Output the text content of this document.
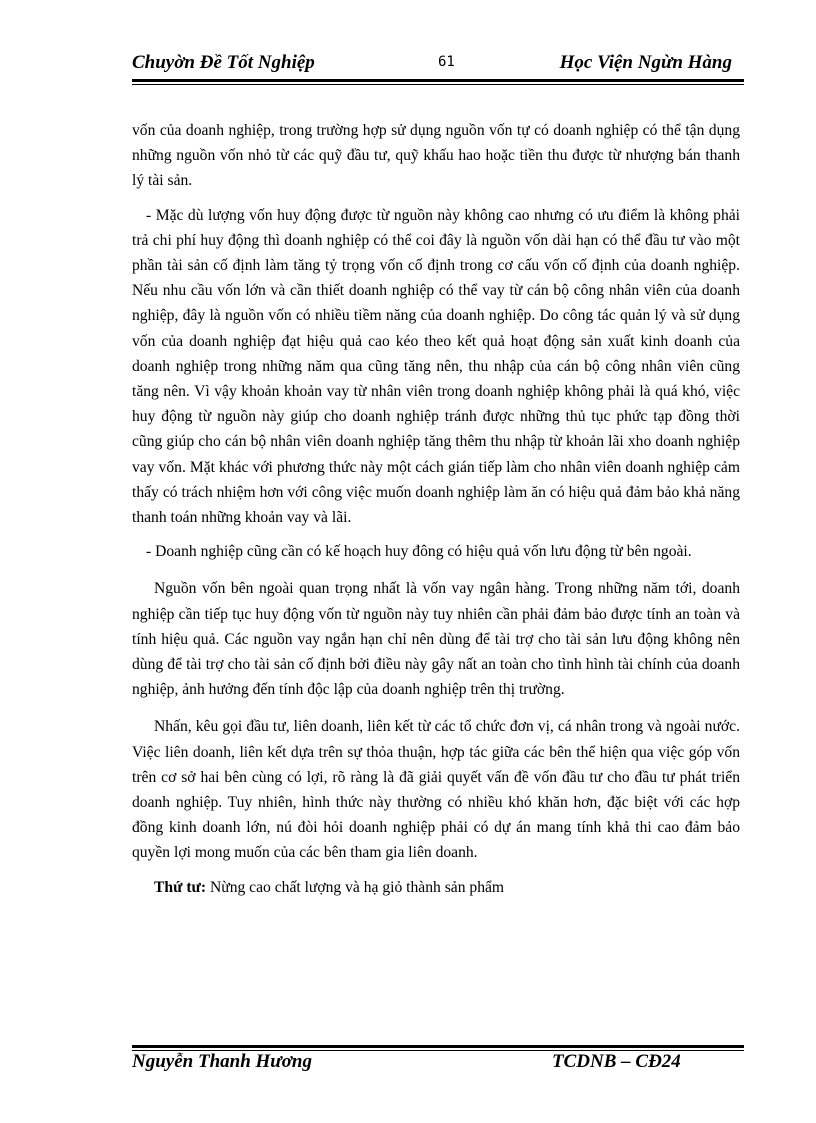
Chuyờn Đề Tốt Nghiệp	61	Học Viện Ngừn Hàng

vốn của doanh nghiệp, trong trường hợp sử dụng nguồn vốn tự có doanh nghiệp có thể tận dụng những nguồn vốn nhỏ từ các quỹ đầu tư, quỹ khấu hao hoặc tiền thu được từ nhượng bán thanh lý tài sản.

- Mặc dù lượng vốn huy động được từ nguồn này không cao nhưng có ưu điểm là không phải trả chi phí huy động thì doanh nghiệp có thể coi đây là nguồn vốn dài hạn có thể đầu tư vào một phần tài sản cố định làm tăng tỷ trọng vốn cố định trong cơ cấu vốn cố định của doanh nghiệp. Nếu nhu cầu vốn lớn và cần thiết doanh nghiệp có thể vay từ cán bộ công nhân viên của doanh nghiệp, đây là nguồn vốn có nhiều tiềm năng của doanh nghiệp. Do công tác quản lý và sử dụng vốn của doanh nghiệp đạt hiệu quả cao kéo theo kết quả hoạt động sản xuất kinh doanh của doanh nghiệp trong những năm qua cũng tăng nên, thu nhập của cán bộ công nhân viên cũng tăng nên. Vì vậy khoản khoản vay từ nhân viên trong doanh nghiệp không phải là quá khó, việc huy động từ nguồn này giúp cho doanh nghiệp tránh được những thủ tục phức tạp đồng thời cũng giúp cho cán bộ nhân viên doanh nghiệp tăng thêm thu nhập từ khoản lãi xho doanh nghiệp vay vốn. Mặt khác với phương thức này một cách gián tiếp làm cho nhân viên doanh nghiệp cảm thấy có trách nhiệm hơn với công việc muốn doanh nghiệp làm ăn có hiệu quả đảm bảo khả năng thanh toán những khoản vay và lãi.

- Doanh nghiệp cũng cần có kế hoạch huy đông có hiệu quả vốn lưu động từ bên ngoài.

Nguồn vốn bên ngoài quan trọng nhất là vốn vay ngân hàng. Trong những năm tới, doanh nghiệp cần tiếp tục huy động vốn từ nguồn này tuy nhiên cần phải đảm bảo được tính an toàn và tính hiệu quả. Các nguồn vay ngắn hạn chỉ nên dùng để tài trợ cho tài sản lưu động không nên dùng để tài trợ cho tài sản cố định bởi điều này gây nất an toàn cho tình hình tài chính của doanh nghiệp, ảnh hưởng đến tính độc lập của doanh nghiệp trên thị trường.

Nhấn, kêu gọi đầu tư, liên doanh, liên kết từ các tổ chức đơn vị, cá nhân trong và ngoài nước. Việc liên doanh, liên kết dựa trên sự thỏa thuận, hợp tác giữa các bên thể hiện qua việc góp vốn trên cơ sở hai bên cùng có lợi, rõ ràng là đã giải quyết vấn đề vốn đầu tư cho đầu tư phát triển doanh nghiệp. Tuy nhiên, hình thức này thường có nhiều khó khăn hơn, đặc biệt với các hợp đồng kinh doanh lớn, nú đòi hỏi doanh nghiệp phải có dự án mang tính khả thi cao đảm bảo quyền lợi mong muốn của các bên tham gia liên doanh.

Thứ tư: Nừng cao chất lượng và hạ giỏ thành sản phẩm

Nguyễn Thanh Hương	TCDNB – CĐ24
